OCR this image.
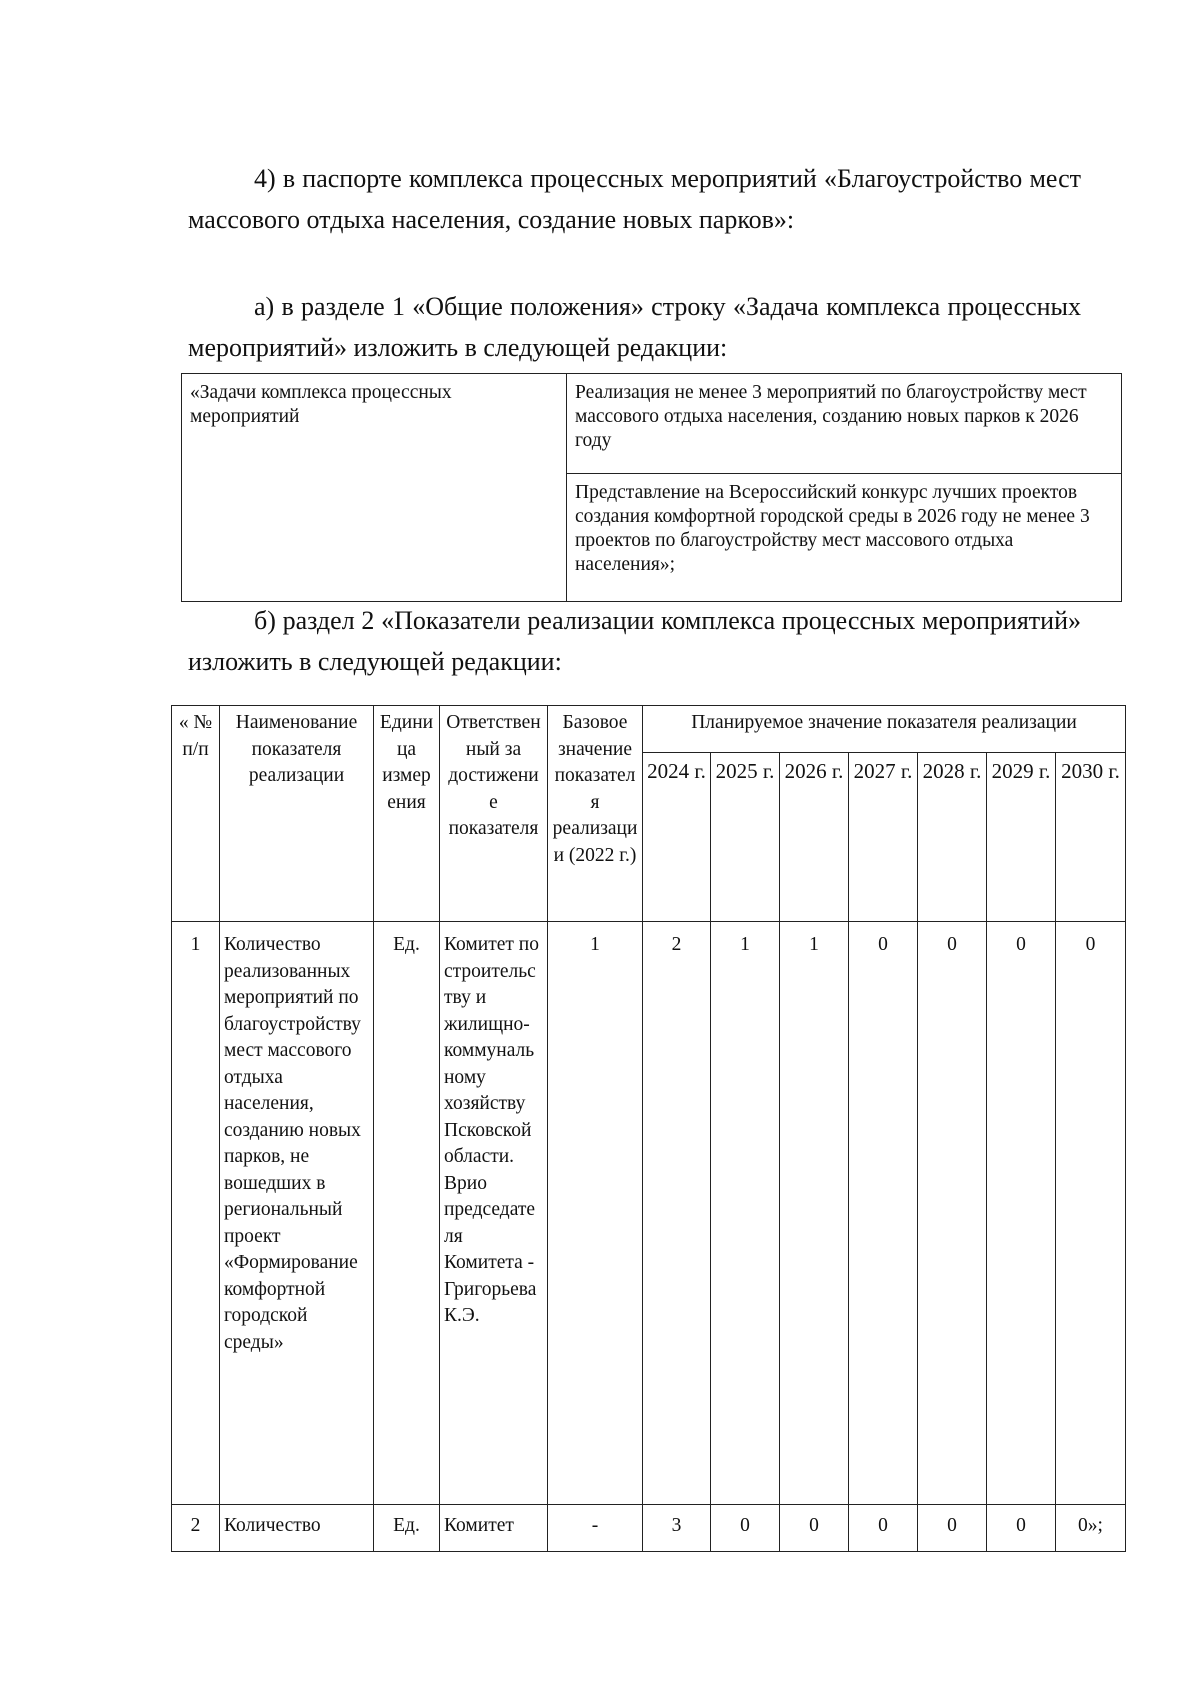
4) в паспорте комплекса процессных мероприятий «Благоустройство мест массового отдыха населения, создание новых парков»:
а) в разделе 1 «Общие положения» строку «Задача комплекса процессных мероприятий» изложить в следующей редакции:
«Задачи комплекса процессных мероприятий	Реализация не менее 3 мероприятий по благоустройству мест массового отдыха населения, созданию новых парков к 2026 году
Представление на Всероссийский конкурс лучших проектов создания комфортной городской среды в 2026 году не менее 3 проектов по благоустройству мест массового отдыха населения»;
б) раздел 2 «Показатели реализации комплекса процессных мероприятий» изложить в следующей редакции:
« № п/п	Наименование показателя реализации	Единица измерения	Ответственный за достижение показателя	Базовое значение показателя реализации (2022 г.)	Планируемое значение показателя реализации						
					2024 г.	2025 г.	2026 г.	2027 г.	2028 г.	2029 г.	2030 г.
1	Количество реализованных мероприятий по благоустройству мест массового отдыха населения, созданию новых парков, не вошедших в региональный проект «Формирование комфортной городской среды»	Ед.	Комитет по строительству и жилищно-коммунальному хозяйству Псковской области. Врио председателя Комитета - Григорьева К.Э.	1	2	1	1	0	0	0	0
2	Количество	Ед.	Комитет	-	3	0	0	0	0	0	0»;
